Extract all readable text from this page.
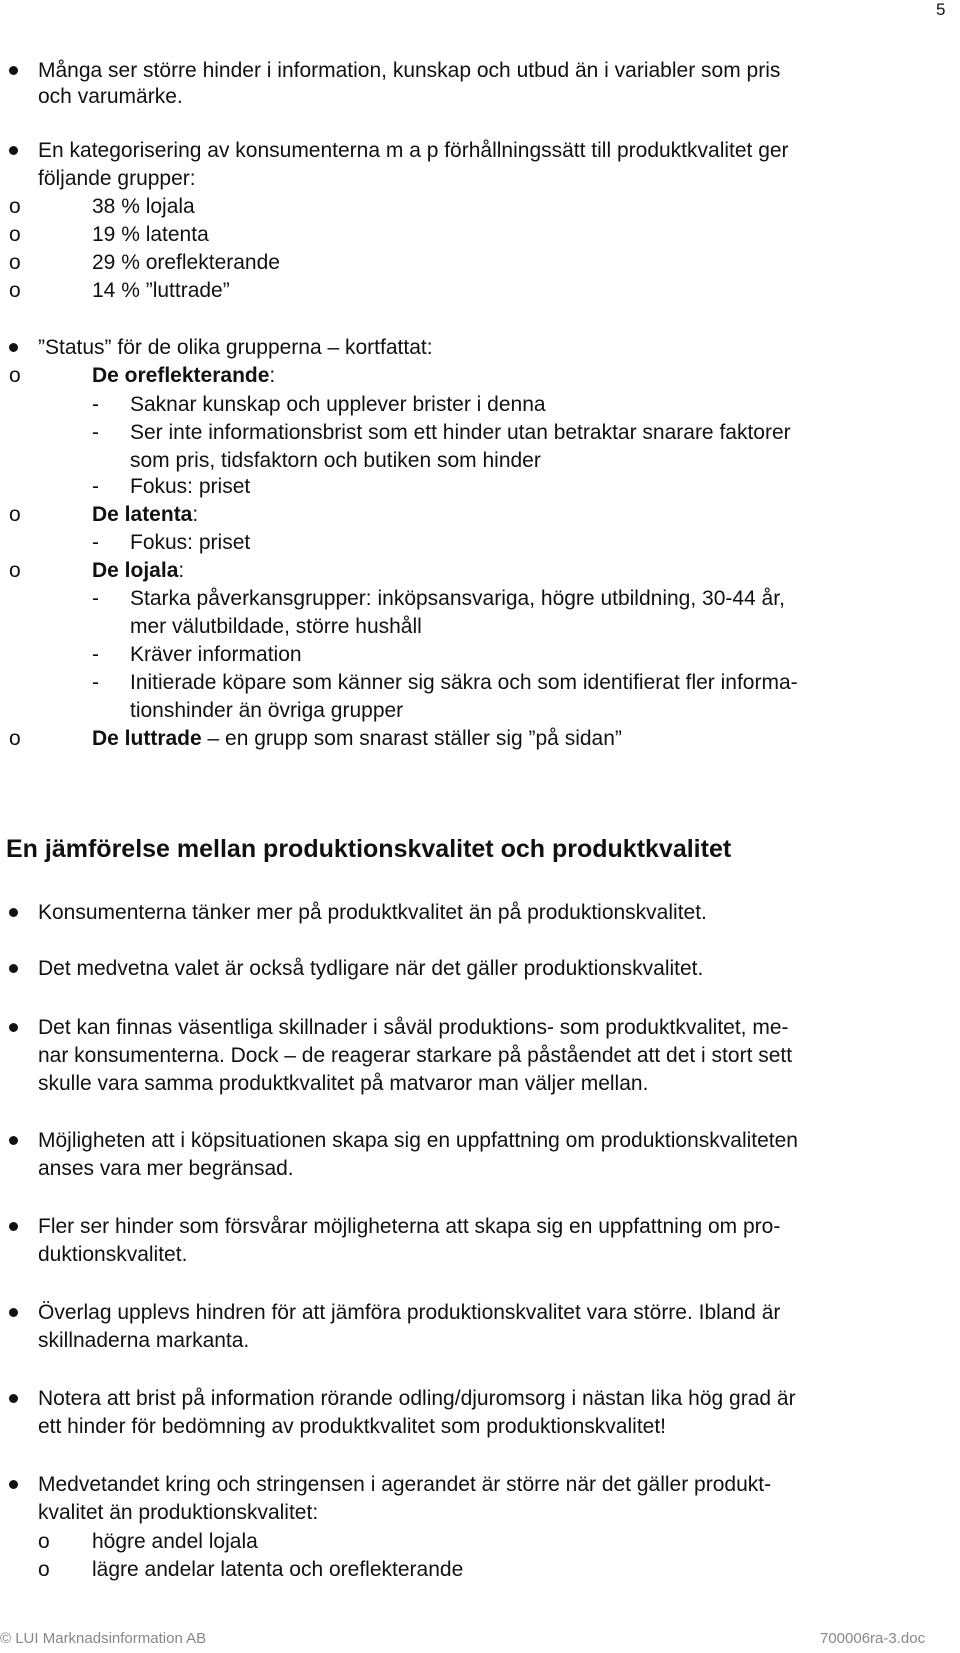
5
Många ser större hinder i information, kunskap och utbud än i variabler som pris
och varumärke.
En kategorisering av konsumenterna m a p förhållningssätt till produktkvalitet ger
följande grupper:
o	38 % lojala
o	19 % latenta
o	29 % oreflekterande
o	14 % ”luttrade”
”Status” för de olika grupperna – kortfattat:
o	De oreflekterande:
- Saknar kunskap och upplever brister i denna
- Ser inte informationsbrist som ett hinder utan betraktar snarare faktorer
som pris, tidsfaktorn och butiken som hinder
- Fokus: priset
o	De latenta:
- Fokus: priset
o	De lojala:
- Starka påverkansgrupper: inköpsansvariga, högre utbildning, 30-44 år,
mer välutbildade, större hushåll
- Kräver information
- Initierade köpare som känner sig säkra och som identifierat fler informa-
tionshinder än övriga grupper
o	De luttrade – en grupp som snarast ställer sig ”på sidan”
En jämförelse mellan produktionskvalitet och produktkvalitet
Konsumenterna tänker mer på produktkvalitet än på produktionskvalitet.
Det medvetna valet är också tydligare när det gäller produktionskvalitet.
Det kan finnas väsentliga skillnader i såväl produktions- som produktkvalitet, me-
nar konsumenterna. Dock – de reagerar starkare på påståendet att det i stort sett
skulle vara samma produktkvalitet på matvaror man väljer mellan.
Möjligheten att i köpsituationen skapa sig en uppfattning om produktionskvaliteten
anses vara mer begränsad.
Fler ser hinder som försvårar möjligheterna att skapa sig en uppfattning om pro-
duktionskvalitet.
Överlag upplevs hindren för att jämföra produktionskvalitet vara större. Ibland är
skillnaderna markanta.
Notera att brist på information rörande odling/djuromsorg i nästan lika hög grad är
ett hinder för bedömning av produktkvalitet som produktionskvalitet!
Medvetandet kring och stringensen i agerandet är större när det gäller produkt-
kvalitet än produktionskvalitet:
o högre andel lojala
o lägre andelar latenta och oreflekterande
© LUI Marknadsinformation AB	700006ra-3.doc
